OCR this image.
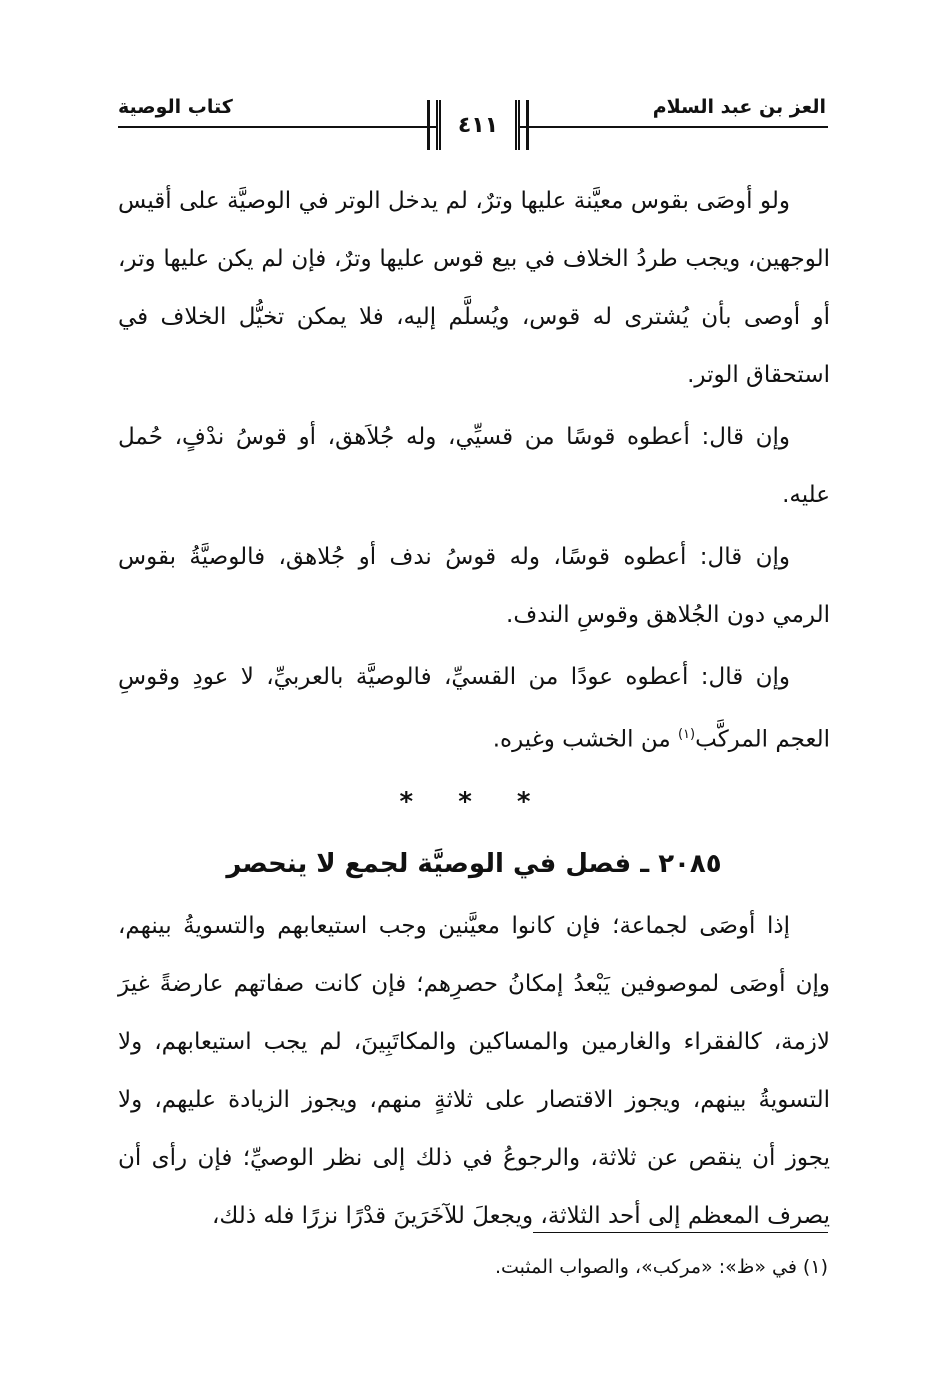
العز بن عبد السلام
كتاب الوصية
٤١١

ولو أوصَى بقوس معيَّنة عليها وترٌ، لم يدخل الوتر في الوصيَّة على أقيس الوجهين، ويجب طردُ الخلاف في بيع قوس عليها وترٌ، فإن لم يكن عليها وتر، أو أوصى بأن يُشترى له قوس، ويُسلَّم إليه، فلا يمكن تخيُّل الخلاف في استحقاق الوتر.

وإن قال: أعطوه قوسًا من قسيِّي، وله جُلاَهق، أو قوسُ ندْفٍ، حُمل عليه.

وإن قال: أعطوه قوسًا، وله قوسُ ندف أو جُلاهق، فالوصيَّةُ بقوس الرمي دون الجُلاهق وقوسِ الندف.

وإن قال: أعطوه عودًا من القسيِّ، فالوصيَّة بالعربيِّ، لا عودِ وقوسِ العجم المركَّب$^{(١)}$ من الخشب وغيره.

* * *

٢٠٨٥ ـ فصل في الوصيَّة لجمع لا ينحصر

إذا أوصَى لجماعة؛ فإن كانوا معيَّنين وجب استيعابهم والتسويةُ بينهم، وإن أوصَى لموصوفين يَبْعدُ إمكانُ حصرِهم؛ فإن كانت صفاتهم عارضةً غيرَ لازمة، كالفقراء والغارمين والمساكين والمكاتَبِينَ، لم يجب استيعابهم، ولا التسويةُ بينهم، ويجوز الاقتصار على ثلاثةٍ منهم، ويجوز الزيادة عليهم، ولا يجوز أن ينقص عن ثلاثة، والرجوعُ في ذلك إلى نظر الوصيِّ؛ فإن رأى أن يصرف المعظم إلى أحد الثلاثة، ويجعلَ للآخَرَينَ قدْرًا نزرًا فله ذلك،

(١) في «ظ»: «مركب»، والصواب المثبت.
